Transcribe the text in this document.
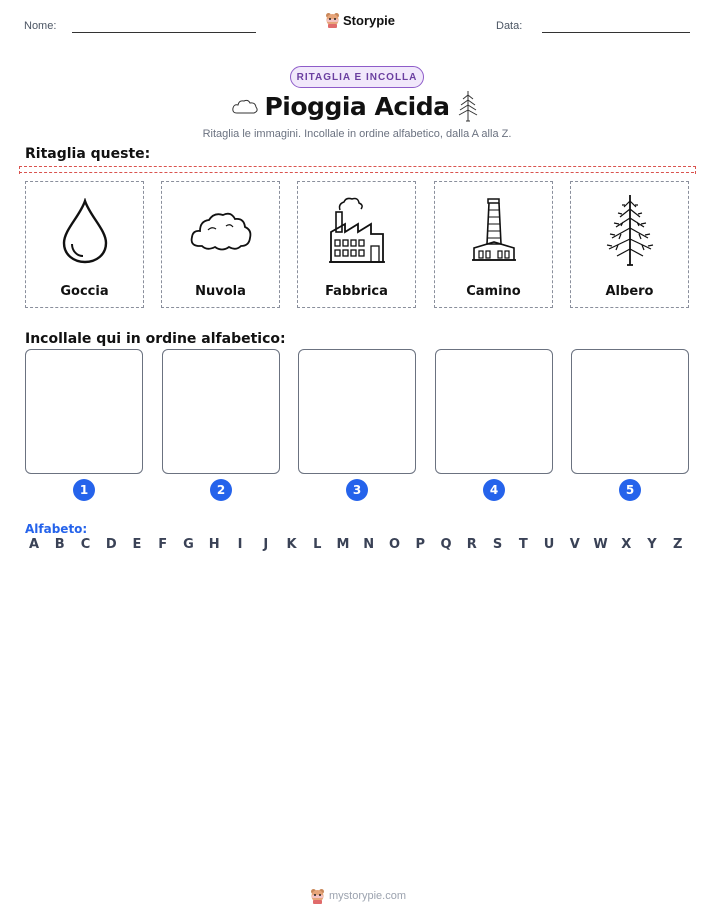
Nome:	Storypie	Data:
RITAGLIA E INCOLLA
Pioggia Acida
Ritaglia le immagini. Incollale in ordine alfabetico, dalla A alla Z.
Ritaglia queste:
Goccia	Nuvola	Fabbrica	Camino	Albero
Incollale qui in ordine alfabetico:
1	2	3	4	5
Alfabeto:
A	B	C	D	E	F	G H	I	J	K	L	M N O	P	Q	R	S	T	U	V	W	X	Y	Z
mystorypie.com
